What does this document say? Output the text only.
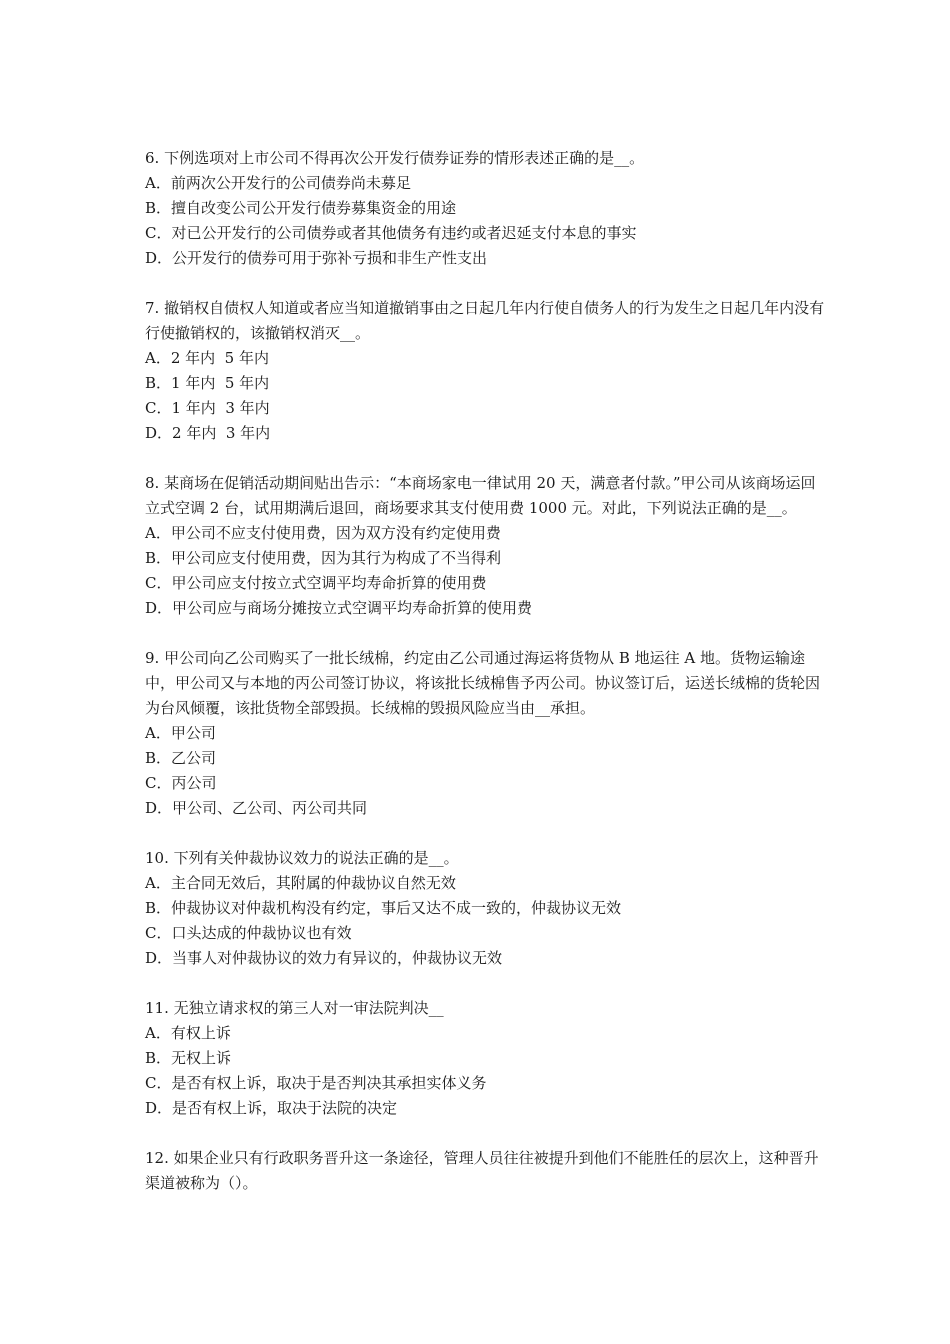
6. 下例选项对上市公司不得再次公开发行债券证券的情形表述正确的是__。

A．前两次公开发行的公司债券尚未募足

B．擅自改变公司公开发行债券募集资金的用途

C．对已公开发行的公司债券或者其他债务有违约或者迟延支付本息的事实

D．公开发行的债券可用于弥补亏损和非生产性支出

7. 撤销权自债权人知道或者应当知道撤销事由之日起几年内行使自债务人的行为发生之日起几年内没有行使撤销权的，该撤销权消灭__。

A．2 年内  5 年内

B．1 年内  5 年内

C．1 年内  3 年内

D．2 年内  3 年内

8. 某商场在促销活动期间贴出告示：“本商场家电一律试用 20 天，满意者付款。”甲公司从该商场运回立式空调 2 台，试用期满后退回，商场要求其支付使用费 1000 元。对此，下列说法正确的是__。

A．甲公司不应支付使用费，因为双方没有约定使用费

B．甲公司应支付使用费，因为其行为构成了不当得利

C．甲公司应支付按立式空调平均寿命折算的使用费

D．甲公司应与商场分摊按立式空调平均寿命折算的使用费

9. 甲公司向乙公司购买了一批长绒棉，约定由乙公司通过海运将货物从 B 地运往 A 地。货物运输途中，甲公司又与本地的丙公司签订协议，将该批长绒棉售予丙公司。协议签订后，运送长绒棉的货轮因为台风倾覆，该批货物全部毁损。长绒棉的毁损风险应当由__承担。

A．甲公司

B．乙公司

C．丙公司

D．甲公司、乙公司、丙公司共同

10. 下列有关仲裁协议效力的说法正确的是__。

A．主合同无效后，其附属的仲裁协议自然无效

B．仲裁协议对仲裁机构没有约定，事后又达不成一致的，仲裁协议无效

C．口头达成的仲裁协议也有效

D．当事人对仲裁协议的效力有异议的，仲裁协议无效

11. 无独立请求权的第三人对一审法院判决__

A．有权上诉

B．无权上诉

C．是否有权上诉，取决于是否判决其承担实体义务

D．是否有权上诉，取决于法院的决定

12. 如果企业只有行政职务晋升这一条途径，管理人员往往被提升到他们不能胜任的层次上，这种晋升渠道被称为（）。
